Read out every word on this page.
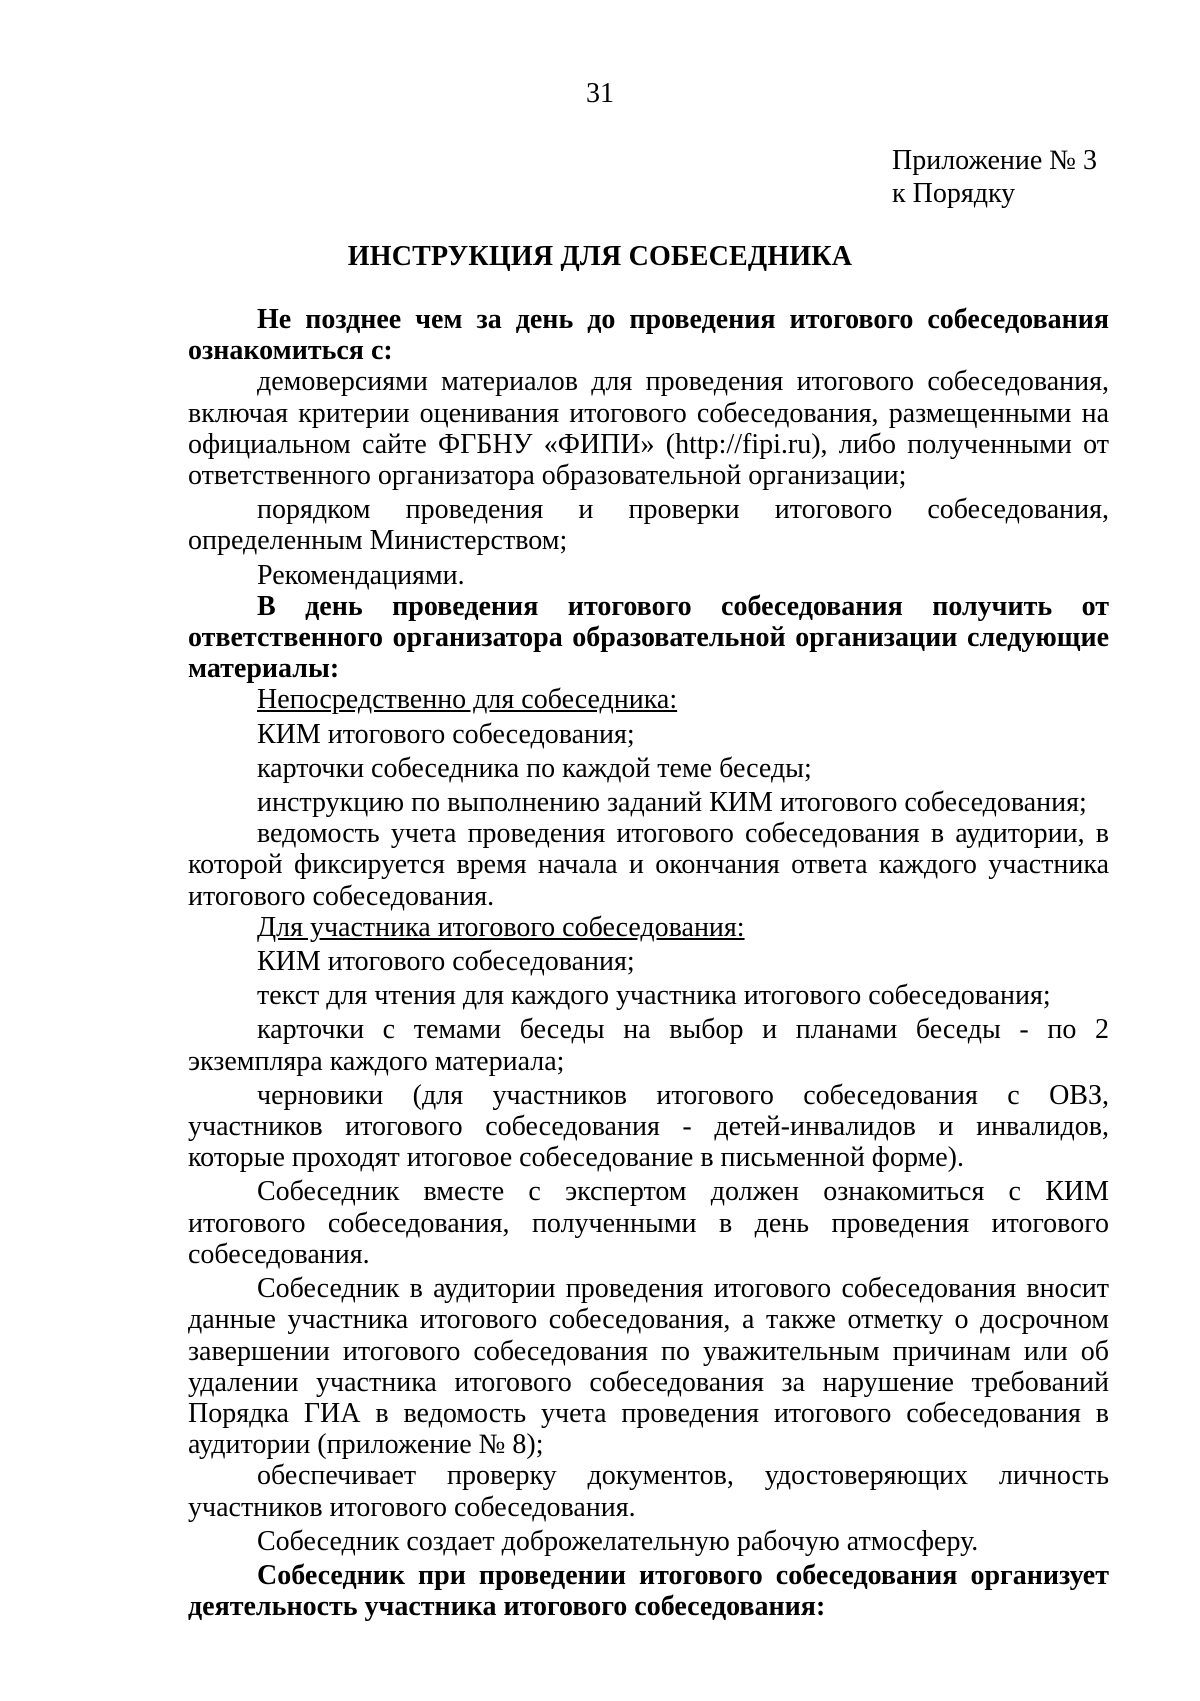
31
Приложение № 3
к Порядку
ИНСТРУКЦИЯ ДЛЯ СОБЕСЕДНИКА

Не позднее чем за день до проведения итогового собеседования ознакомиться с:

демоверсиями материалов для проведения итогового собеседования, включая критерии оценивания итогового собеседования, размещенными на официальном сайте ФГБНУ «ФИПИ» (http://fipi.ru), либо полученными от ответственного организатора образовательной организации;

порядком проведения и проверки итогового собеседования, определенным Министерством;

Рекомендациями.

В день проведения итогового собеседования получить от ответственного организатора образовательной организации следующие материалы:

Непосредственно для собеседника:

КИМ итогового собеседования;

карточки собеседника по каждой теме беседы;

инструкцию по выполнению заданий КИМ итогового собеседования;

ведомость учета проведения итогового собеседования в аудитории, в которой фиксируется время начала и окончания ответа каждого участника итогового собеседования.

Для участника итогового собеседования:

КИМ итогового собеседования;

текст для чтения для каждого участника итогового собеседования;

карточки с темами беседы на выбор и планами беседы - по 2 экземпляра каждого материала;

черновики (для участников итогового собеседования с ОВЗ, участников итогового собеседования - детей-инвалидов и инвалидов, которые проходят итоговое собеседование в письменной форме).

Собеседник вместе с экспертом должен ознакомиться с КИМ итогового собеседования, полученными в день проведения итогового собеседования.

Собеседник в аудитории проведения итогового собеседования вносит данные участника итогового собеседования, а также отметку о досрочном завершении итогового собеседования по уважительным причинам или об удалении участника итогового собеседования за нарушение требований Порядка ГИА в ведомость учета проведения итогового собеседования в аудитории (приложение № 8);

обеспечивает проверку документов, удостоверяющих личность участников итогового собеседования.

Собеседник создает доброжелательную рабочую атмосферу.

Собеседник при проведении итогового собеседования организует деятельность участника итогового собеседования:
